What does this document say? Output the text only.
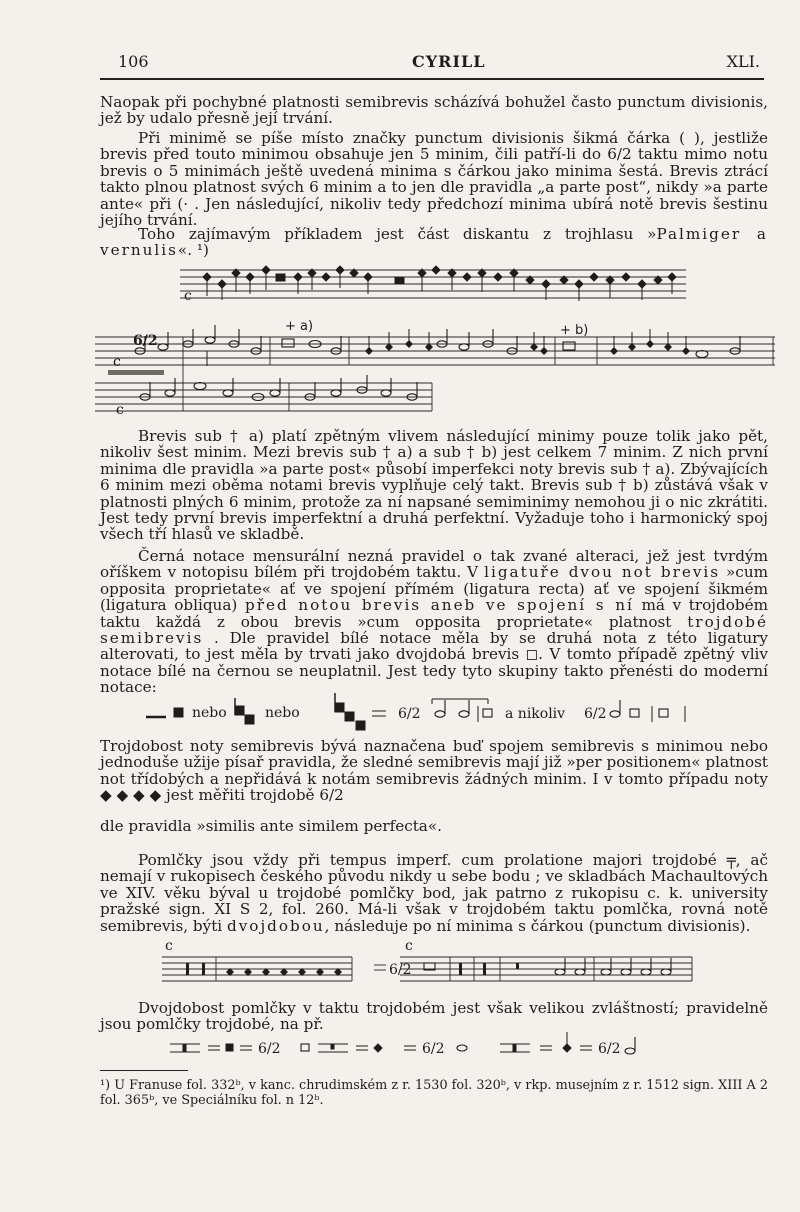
106	CYRILL	XLI.

Naopak při pochybné platnosti semibrevis scházívá bohužel často punctum divisionis, jež by udalo přesně její trvání.

Při minimě se píše místo značky punctum divisionis šikmá čárka ( ), jestliže brevis před touto minimou obsahuje jen 5 minim, čili patří-li do 6/2 taktu mimo notu brevis o 5 minimách ještě uvedená minima s čárkou jako minima šestá. Brevis ztrácí takto plnou platnost svých 6 minim a to jen dle pravidla „a parte post“, nikdy »a parte ante« při (· . Jen následující, nikoliv tedy předchozí minima ubírá notě brevis šestinu jejího trvání.

Toho zajímavým příkladem jest část diskantu z trojhlasu »Palmiger a vernulis«. ¹)

c
c
c
6/2
+ a)	+ b)

Brevis sub † a) platí zpětným vlivem následující minimy pouze tolik jako pět, nikoliv šest minim. Mezi brevis sub † a) a sub † b) jest celkem 7 minim. Z nich první minima dle pravidla »a parte post« působí imperfekci noty brevis sub † a). Zbývajících 6 minim mezi oběma notami brevis vyplňuje celý takt. Brevis sub † b) zůstává však v platnosti plných 6 minim, protože za ní napsané semiminimy nemohou ji o nic zkrátiti. Jest tedy první brevis imperfektní a druhá perfektní. Vyžaduje toho i harmonický spoj všech tří hlasů ve skladbě.

Černá notace mensurální nezná pravidel o tak zvané alteraci, jež jest tvrdým oříškem v notopisu bílém při trojdobém taktu. V ligatuře dvou not brevis »cum opposita proprietate« ať ve spojení přímém (ligatura recta) ať ve spojení šikmém (ligatura obliqua) před notou brevis aneb ve spojení s ní má v trojdobém taktu každá z obou brevis »cum opposita proprietate« platnost trojdobé semibrevis . Dle pravidel bílé notace měla by se druhá nota z této ligatury alterovati, to jest měla by trvati jako dvojdobá brevis ◻. V tomto případě zpětný vliv notace bílé na černou se neuplatnil. Jest tedy tyto skupiny takto přenésti do moderní notace:

nebo	nebo	6/2	a nikoliv 6/2

Trojdobost noty semibrevis bývá naznačena buď spojem semibrevis s minimou nebo jednoduše užije písař pravidla, že sledné semibrevis mají již »per positionem« platnost not třídobých a nepřidává k notám semibrevis žádných minim. I v tomto případu noty ◆ ◆ ◆ ◆ jest měřiti trojdobě 6/2

dle pravidla »similis ante similem perfecta«.

Pomlčky jsou vždy při tempus imperf. cum prolatione majori trojdobé ╤, ač nemají v rukopisech českého původu nikdy u sebe bodu ; ve skladbách Machaultových ve XIV. věku býval u trojdobé pomlčky bod, jak patrno z rukopisu c. k. university pražské sign. XI S 2, fol. 260. Má-li však v trojdobém taktu pomlčka, rovná notě semibrevis, býti dvojdobou, následuje po ní minima s čárkou (punctum divisionis).

c	c
6/2

Dvojdobost pomlčky v taktu trojdobém jest však velikou zvláštností; pravidelně jsou pomlčky trojdobé, na př.

6/2	6/2	6/2

¹) U Franuse fol. 332ᵇ, v kanc. chrudimském z r. 1530 fol. 320ᵇ, v rkp. musejním z r. 1512 sign. XIII A 2 fol. 365ᵇ, ve Speciálníku fol. n 12ᵇ.
